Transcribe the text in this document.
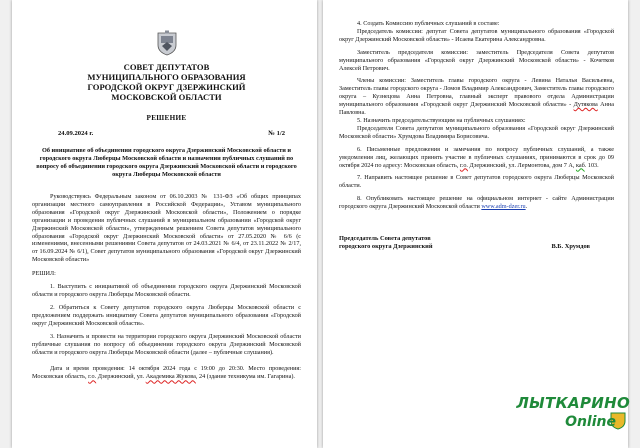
СОВЕТ ДЕПУТАТОВ
МУНИЦИПАЛЬНОГО ОБРАЗОВАНИЯ
ГОРОДСКОЙ ОКРУГ ДЗЕРЖИНСКИЙ
МОСКОВСКОЙ ОБЛАСТИ
РЕШЕНИЕ
24.09.2024 г.	№ 1/2
Об инициативе об объединении городского округа Дзержинский Московской области и городского округа Люберцы Московской области и назначении публичных слушаний по вопросу об объединении городского округа Дзержинский Московской области и городского округа Люберцы Московской области

Руководствуясь Федеральным законом от 06.10.2003 № 131-ФЗ «Об общих принципах организации местного самоуправления в Российской Федерации», Уставом муниципального образования «Городской округ Дзержинский Московской области», Положением о порядке организации и проведения публичных слушаний в муниципальном образовании «Городской округ Дзержинский Московской области», утвержденным решением Совета депутатов муниципального образования «Городской округ Дзержинский Московской области» от 27.05.2020 № 6/6 (с изменениями, внесенными решениями Совета депутатов от 24.03.2021 № 6/4, от 23.11.2022 № 2/17, от 16.09.2024 № 6/1), Совет депутатов муниципального образования «Городской округ Дзержинский Московской области»

РЕШИЛ:

1. Выступить с инициативой об объединении городского округа Дзержинский Московской области и городского округа Люберцы Московской области.

2. Обратиться к Совету депутатов городского округа Люберцы Московской области с предложением поддержать инициативу Совета депутатов муниципального образования «Городской округ Дзержинский Московской области».

3. Назначить и провести на территории городского округа Дзержинский Московской области публичные слушания по вопросу об объединении городского округа Дзержинский Московской области и городского округа Люберцы Московской области (далее – публичные слушания).

Дата и время проведения: 14 октября 2024 года с 19:00 до 20:30. Место проведения: Московская область, г.о. Дзержинский, ул. Академика Жукова, 24 (здание техникума им. Гагарина).

4. Создать Комиссию публичных слушаний в составе:

Председатель комиссии: депутат Совета депутатов муниципального образования «Городской округ Дзержинский Московской области» - Исаева Екатерина Александровна.

Заместитель председателя комиссии: заместитель Председателя Совета депутатов муниципального образования «Городской округ Дзержинский Московской области» - Кочетков Алексей Петрович.

Члены комиссии: Заместитель главы городского округа - Левина Наталья Васильевна, Заместитель главы городского округа - Ломов Владимир Александрович, Заместитель главы городского округа – Кузнецова Анна Петровна, главный эксперт правового отдела Администрации муниципального образования «Городской округ Дзержинский Московской области» - Дутякова Анна Павловна.

5. Назначить председательствующим на публичных слушаниях:

Председателя Совета депутатов муниципального образования «Городской округ Дзержинский Московской области» Хрумдова Владимира Борисовича.

6. Письменные предложения и замечания по вопросу публичных слушаний, а также уведомления лиц, желающих принять участие в публичных слушаниях, принимаются в срок до 09 октября 2024 по адресу: Московская область, г.о. Дзержинский, ул. Лермонтова, дом 7 А, каб. 103.

7. Направить настоящее решение в Совет депутатов городского округа Люберцы Московской области.

8. Опубликовать настоящее решение на официальном интернет - сайте Администрации городского округа Дзержинский Московской области www.adm-dzer.ru.

Председатель Совета депутатов
городского округа Дзержинский	В.Б. Хрумдов
ЛЫТКАРИНО
Online
